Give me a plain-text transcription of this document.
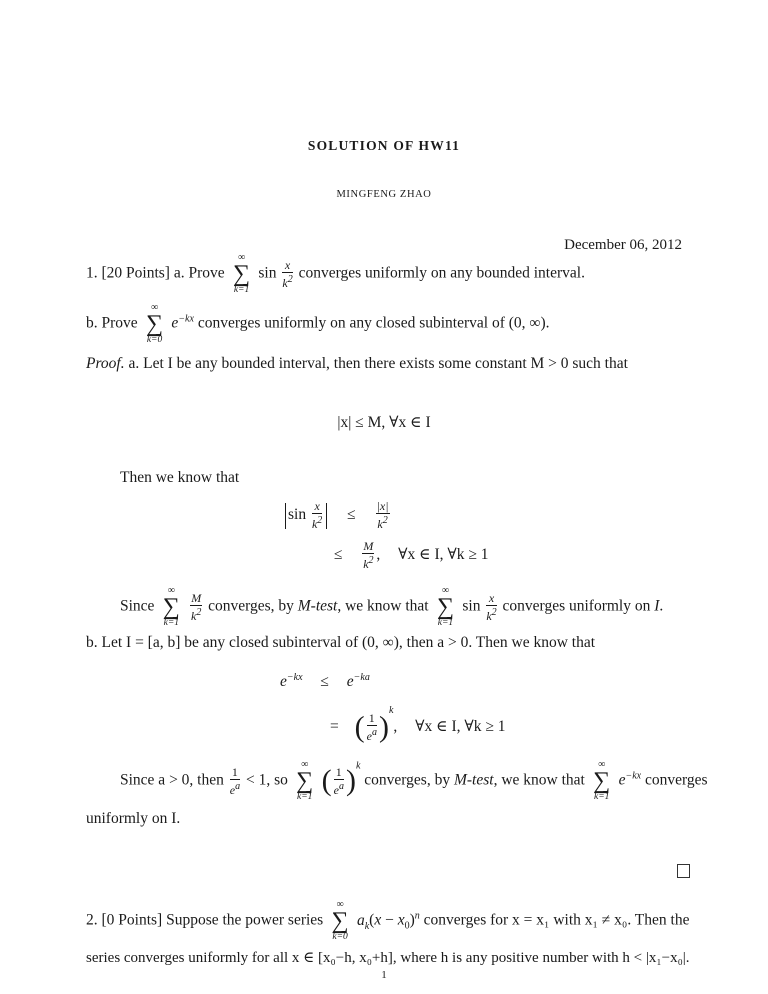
SOLUTION OF HW11
MINGFENG ZHAO
December 06, 2012
1. [20 Points] a. Prove
∞
∑
k=1
$\sin \frac{x}{k^2}$ converges uniformly on any bounded interval.
b. Prove
∞
∑
k=0
$e^{-kx}$ converges uniformly on any closed subinterval of (0, ∞).
Proof. a. Let I be any bounded interval, then there exists some constant M > 0 such that
|x| ≤ M, ∀x ∈ I
Then we know that
$\sin \frac{x}{k^2} \le \frac{|x|}{k^2}$
≤ $\frac{M}{k^2}$ , ∀x ∈ I, ∀k ≥ 1
Since
∞
∑
k=1

$\frac{M}{k^2}$ converges, by M-test, we know that
∞
∑
k=1
$\sin \frac{x}{k^2}$ converges uniformly on I.
b. Let I = [a, b] be any closed subinterval of (0, ∞), then a > 0. Then we know that
$e^{-kx} \le e^{-ka}$
= ( $\frac{1}{e^a} )^k$, ∀x ∈ I, ∀k ≥ 1
Since a > 0, then $\frac{1}{e^a} < 1$, so
∞
∑
k=1 ( $\frac{1}{e^a} )^k$ converges, by M-test, we know that
∞
∑
k=1
$e^{-kx}$ converges
uniformly on I.
2. [0 Points] Suppose the power series
∞
∑
k=0
$a_k(x - x_0)^n$ converges for x = x₁ with x₁ ≠ x₀. Then the
series converges uniformly for all x ∈ [x₀−h, x₀+h], where h is any positive number with h < |x₁−x₀|.
1
